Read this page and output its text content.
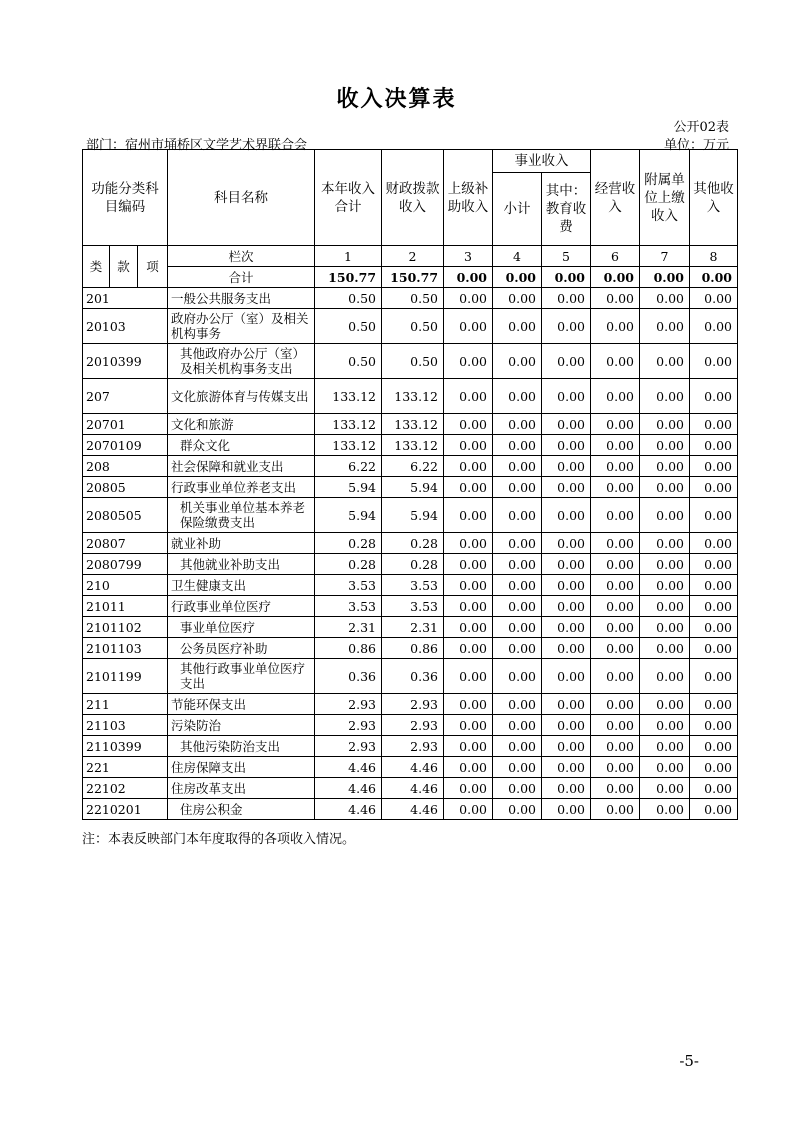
收入决算表
公开02表
部门：宿州市埇桥区文学艺术界联合会	单位：万元
功能分类科目编码			科目名称	本年收入合计	财政拨款收入	上级补助收入	事业收入		经营收入	附属单位上缴收入	其他收入
							小计	其中：教育收费			

类	款	项	栏次	1	2	3	4	5	6	7	8
			合计	150.77	150.77	0.00	0.00	0.00	0.00	0.00	0.00
201			一般公共服务支出	0.50	0.50	0.00	0.00	0.00	0.00	0.00	0.00
20103			政府办公厅（室）及相关机构事务	0.50	0.50	0.00	0.00	0.00	0.00	0.00	0.00
2010399			其他政府办公厅（室）及相关机构事务支出	0.50	0.50	0.00	0.00	0.00	0.00	0.00	0.00
207			文化旅游体育与传媒支出	133.12	133.12	0.00	0.00	0.00	0.00	0.00	0.00
20701			文化和旅游	133.12	133.12	0.00	0.00	0.00	0.00	0.00	0.00
2070109			群众文化	133.12	133.12	0.00	0.00	0.00	0.00	0.00	0.00
208			社会保障和就业支出	6.22	6.22	0.00	0.00	0.00	0.00	0.00	0.00
20805			行政事业单位养老支出	5.94	5.94	0.00	0.00	0.00	0.00	0.00	0.00
2080505			机关事业单位基本养老保险缴费支出	5.94	5.94	0.00	0.00	0.00	0.00	0.00	0.00
20807			就业补助	0.28	0.28	0.00	0.00	0.00	0.00	0.00	0.00
2080799			其他就业补助支出	0.28	0.28	0.00	0.00	0.00	0.00	0.00	0.00
210			卫生健康支出	3.53	3.53	0.00	0.00	0.00	0.00	0.00	0.00
21011			行政事业单位医疗	3.53	3.53	0.00	0.00	0.00	0.00	0.00	0.00
2101102			事业单位医疗	2.31	2.31	0.00	0.00	0.00	0.00	0.00	0.00
2101103			公务员医疗补助	0.86	0.86	0.00	0.00	0.00	0.00	0.00	0.00
2101199			其他行政事业单位医疗支出	0.36	0.36	0.00	0.00	0.00	0.00	0.00	0.00
211			节能环保支出	2.93	2.93	0.00	0.00	0.00	0.00	0.00	0.00
21103			污染防治	2.93	2.93	0.00	0.00	0.00	0.00	0.00	0.00
2110399			其他污染防治支出	2.93	2.93	0.00	0.00	0.00	0.00	0.00	0.00
221			住房保障支出	4.46	4.46	0.00	0.00	0.00	0.00	0.00	0.00
22102			住房改革支出	4.46	4.46	0.00	0.00	0.00	0.00	0.00	0.00
2210201			住房公积金	4.46	4.46	0.00	0.00	0.00	0.00	0.00	0.00
注：本表反映部门本年度取得的各项收入情况。
-5-
